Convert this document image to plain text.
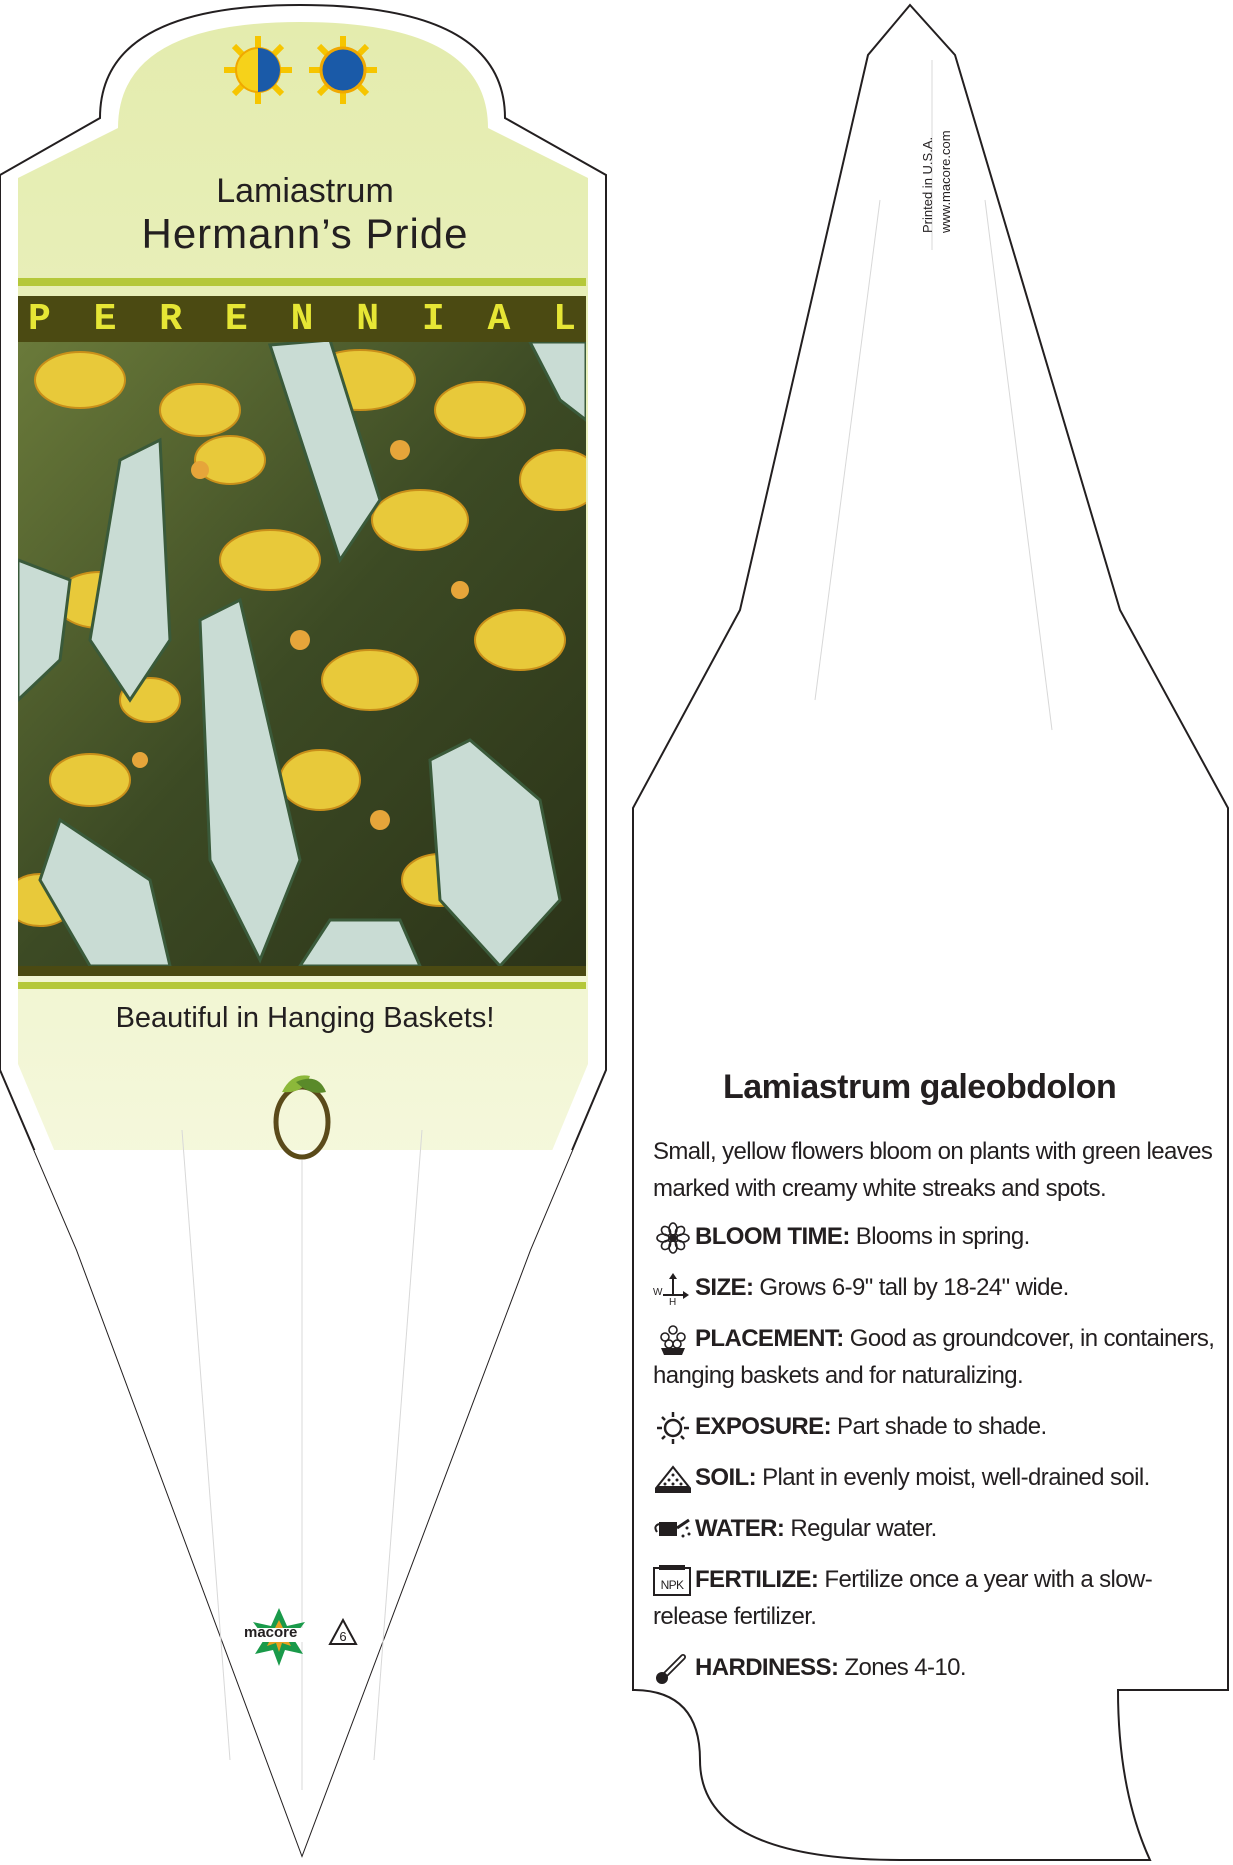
Lamiastrum
Hermann’s Pride
P E R E N N I A L
Beautiful in Hanging Baskets!
macore	6
Printed in U.S.A. www.macore.com
Lamiastrum galeobdolon
Small, yellow flowers bloom on plants with green leaves marked with creamy white streaks and spots.
BLOOM TIME: Blooms in spring.
W
H
SIZE: Grows 6-9" tall by 18-24" wide.
PLACEMENT: Good as groundcover, in containers, hanging baskets and for naturalizing.
EXPOSURE: Part shade to shade.
SOIL: Plant in evenly moist, well-drained soil.
WATER: Regular water.
NPK FERTILIZE: Fertilize once a year with a slow-release fertilizer.
HARDINESS: Zones 4-10.
